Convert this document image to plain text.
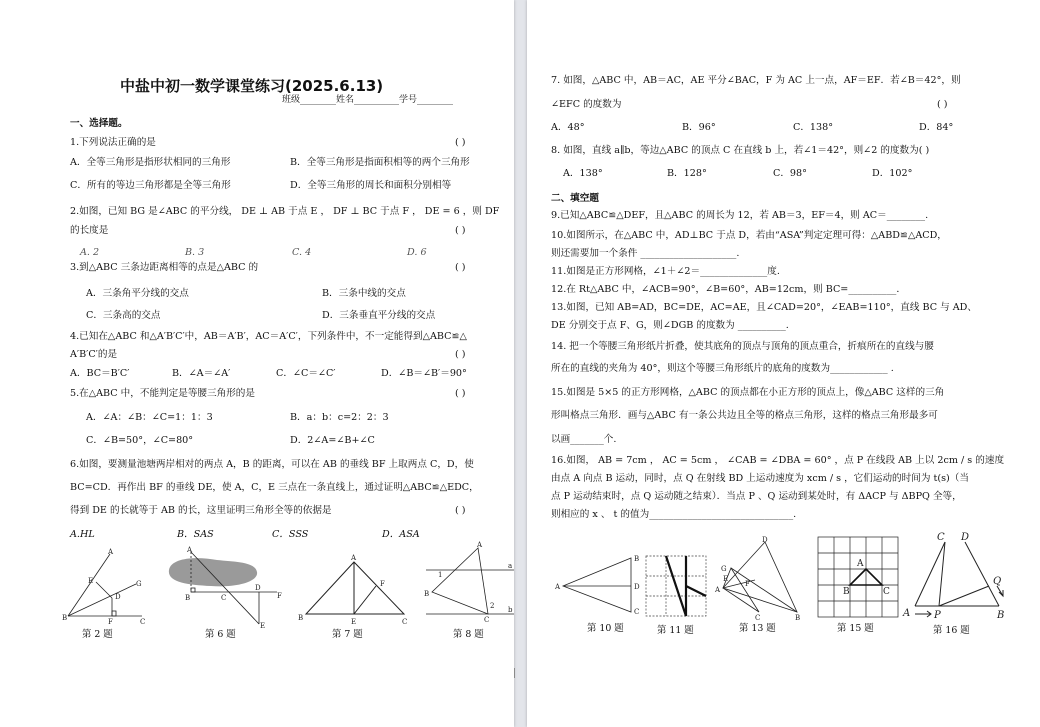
中盐中初一数学课堂练习(2025.6.13)
班级________姓名__________学号________
一、选择题。
1.下列说法正确的是	( )
A．全等三角形是指形状相同的三角形	B．全等三角形是指面积相等的两个三角形
C．所有的等边三角形都是全等三角形	D．全等三角形的周长和面积分别相等
2.如图，已知 BG 是∠ABC 的平分线， DE ⊥ AB 于点 E ， DF ⊥ BC 于点 F ， DE = 6 ，则 DF
的长度是	( )
A. 2	B. 3	C. 4	D. 6
3.到△ABC 三条边距离相等的点是△ABC 的	( )
A．三条角平分线的交点	B．三条中线的交点
C．三条高的交点	D．三条垂直平分线的交点
4.已知在△ABC 和△A′B′C′中，AB＝A′B′，AC＝A′C′，下列条件中，不一定能得到△ABC≌△
A′B′C′的是	( )
A．BC＝B′C′	B．∠A＝∠A′	C．∠C＝∠C′	D．∠B＝∠B′＝90°
5.在△ABC 中，不能判定是等腰三角形的是	( )
A．∠A：∠B：∠C=1：1：3	B．a：b：c=2：2：3
C．∠B=50°，∠C=80°	D．2∠A=∠B+∠C
6.如图，要测量池塘两岸相对的两点 A，B 的距离，可以在 AB 的垂线 BF 上取两点 C，D，使
BC=CD．再作出 BF 的垂线 DE，使 A，C，E 三点在一条直线上，通过证明△ABC≌△EDC，
得到 DE 的长就等于 AB 的长，这里证明三角形全等的依据是	( )
A.HL	B．SAS	C．SSS	D．ASA
A
E	G
D
B	F	C
第 2 题
A
B	C
D
F
E
第 6 题
A
F
B	E	C
第 7 题
A
1
a
B
2 b
C
第 8 题
7. 如图，△ABC 中，AB＝AC，AE 平分∠BAC，F 为 AC 上一点，AF＝EF．若∠B＝42°，则
∠EFC 的度数为	( )
A．48°	B．96°	C．138°	D．84°
8. 如图，直线 a∥b，等边△ABC 的顶点 C 在直线 b 上，若∠1＝42°，则∠2 的度数为( )
A．138°	B．128°	C．98°	D．102°
二、填空题
9.已知△ABC≌△DEF，且△ABC 的周长为 12，若 AB＝3，EF＝4，则 AC＝________.
10.如图所示，在△ABC 中，AD⊥BC 于点 D，若由“ASA”判定定理可得：△ABD≌△ACD，
则还需要加一个条件 ____________________.
11.如图是正方形网格，∠1＋∠2＝______________度.
12.在 Rt△ABC 中，∠ACB=90°，∠B=60°，AB=12cm，则 BC=__________．
13.如图，已知 AB=AD，BC=DE，AC=AE，且∠CAD=20°，∠EAB=110°，直线 BC 与 AD、
DE 分别交于点 F、G，则∠DGB 的度数为 __________.
14. 把一个等腰三角形纸片折叠，使其底角的顶点与顶角的顶点重合，折痕所在的直线与腰
所在的直线的夹角为 40°，则这个等腰三角形纸片的底角的度数为____________ .
15.如图是 5×5 的正方形网格，△ABC 的顶点都在小正方形的顶点上，像△ABC 这样的三角
形叫格点三角形．画与△ABC 有一条公共边且全等的格点三角形，这样的格点三角形最多可
以画_______个.
16.如图， AB = 7cm ， AC = 5cm ， ∠CAB = ∠DBA = 60° ，点 P 在线段 AB 上以 2cm / s 的速度
由点 A 向点 B 运动，同时，点 Q 在射线 BD 上运动速度为 xcm / s ，它们运动的时间为 t(s)（当
点 P 运动结束时，点 Q 运动随之结束）．当点 P 、Q 运动到某处时，有 ΔACP 与 ΔBPQ 全等，
则相应的 x 、 t 的值为______________________________.
A
B
D
C
第 10 题	第 11 题
D
G
E
A
F
C	B
第 13 题
A
B	C
第 15 题
C D
Q
A P	B
第 16 题
